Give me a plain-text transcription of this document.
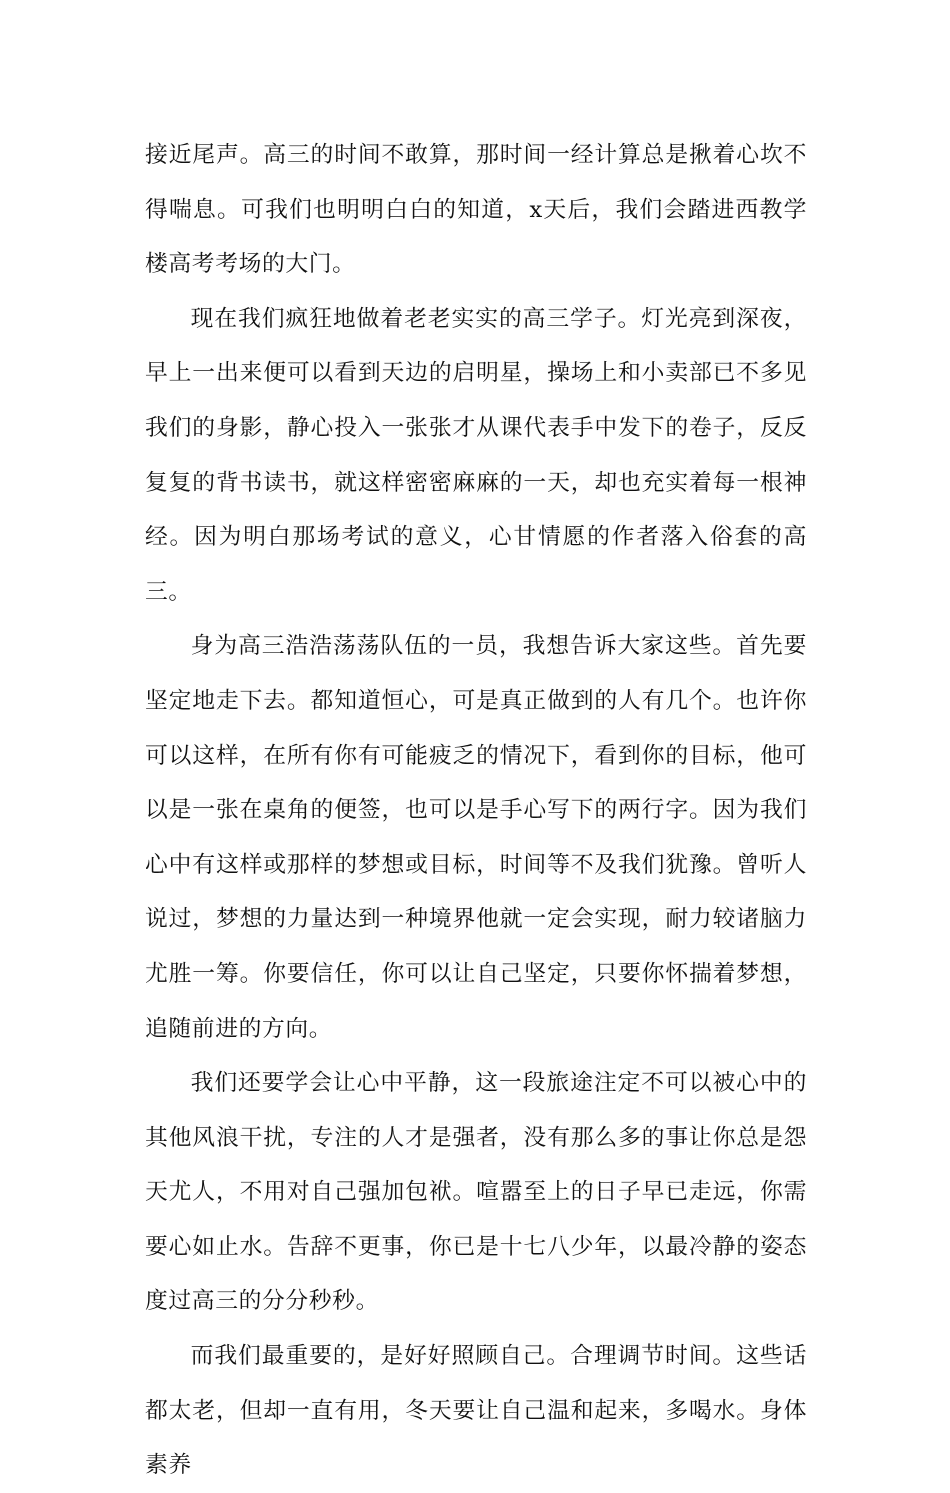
接近尾声。高三的时间不敢算，那时间一经计算总是揪着心坎不得喘息。可我们也明明白白的知道，x天后，我们会踏进西教学楼高考考场的大门。

现在我们疯狂地做着老老实实的高三学子。灯光亮到深夜，早上一出来便可以看到天边的启明星，操场上和小卖部已不多见我们的身影，静心投入一张张才从课代表手中发下的卷子，反反复复的背书读书，就这样密密麻麻的一天，却也充实着每一根神经。因为明白那场考试的意义，心甘情愿的作者落入俗套的高三。

身为高三浩浩荡荡队伍的一员，我想告诉大家这些。首先要坚定地走下去。都知道恒心，可是真正做到的人有几个。也许你可以这样，在所有你有可能疲乏的情况下，看到你的目标，他可以是一张在桌角的便签，也可以是手心写下的两行字。因为我们心中有这样或那样的梦想或目标，时间等不及我们犹豫。曾听人说过，梦想的力量达到一种境界他就一定会实现，耐力较诸脑力尤胜一筹。你要信任，你可以让自己坚定，只要你怀揣着梦想，追随前进的方向。

我们还要学会让心中平静，这一段旅途注定不可以被心中的其他风浪干扰，专注的人才是强者，没有那么多的事让你总是怨天尤人，不用对自己强加包袱。喧嚣至上的日子早已走远，你需要心如止水。告辞不更事，你已是十七八少年，以最冷静的姿态度过高三的分分秒秒。

而我们最重要的，是好好照顾自己。合理调节时间。这些话都太老，但却一直有用，冬天要让自己温和起来，多喝水。身体素养
